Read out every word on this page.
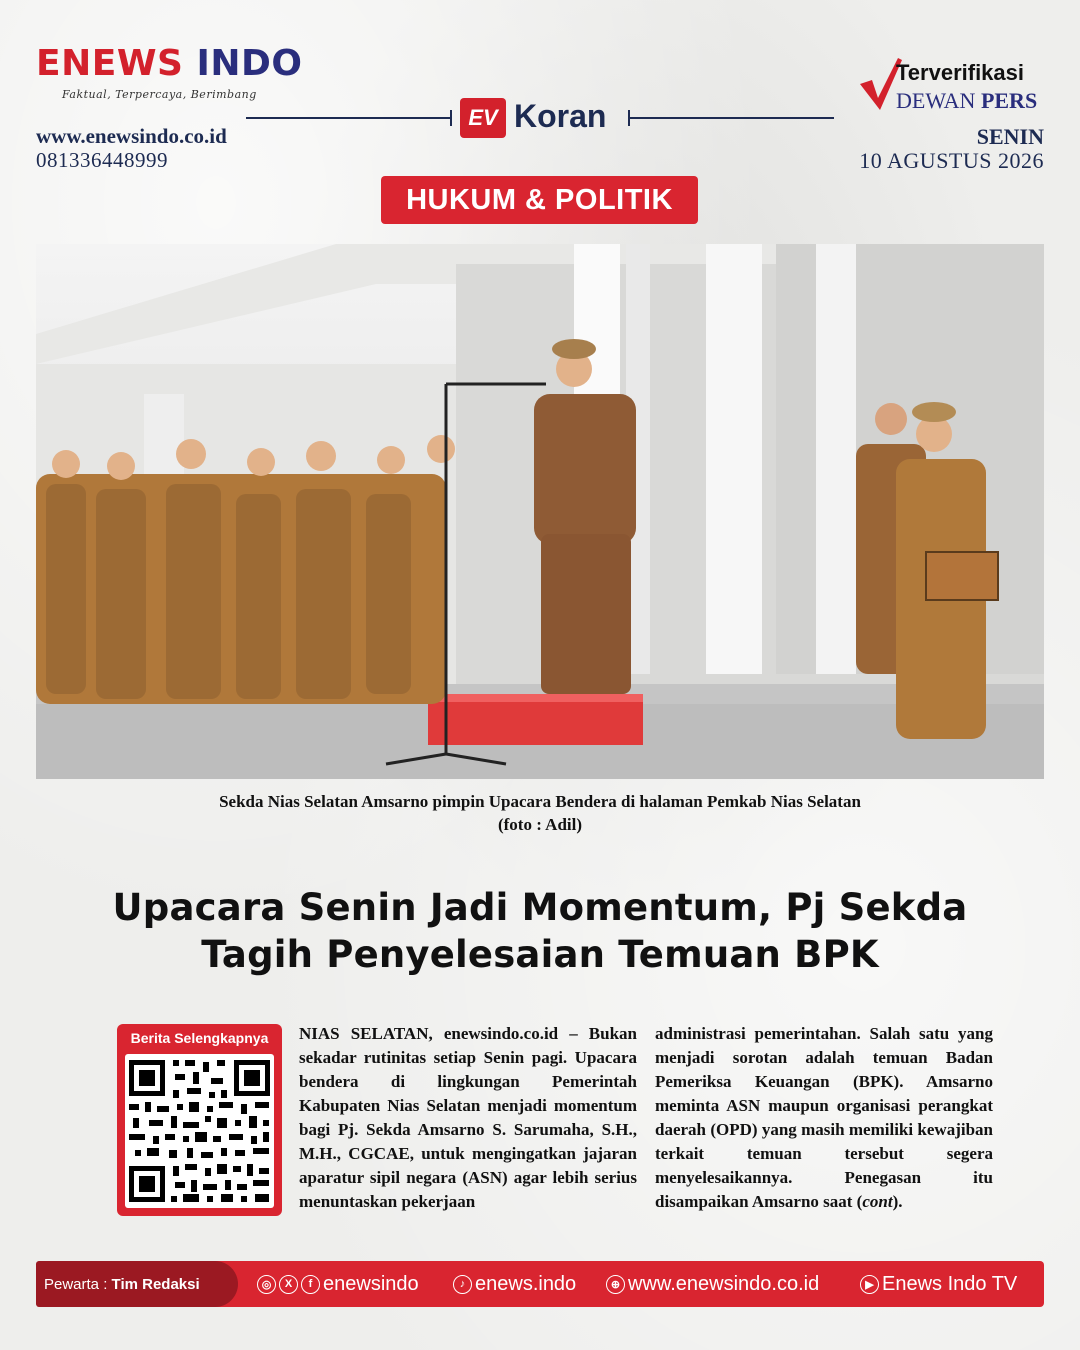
ENEWS INDO
Faktual, Terpercaya, Berimbang
www.enewsindo.co.id
081336448999
EV Koran
Terverifikasi
DEWAN PERS
SENIN
10 AGUSTUS 2026
HUKUM & POLITIK
Sekda Nias Selatan Amsarno pimpin Upacara Bendera di halaman Pemkab Nias Selatan
(foto : Adil)
Upacara Senin Jadi Momentum, Pj Sekda
Tagih Penyelesaian Temuan BPK
Berita Selengkapnya	NIAS SELATAN, enewsindo.co.id – Bukan sekadar rutinitas setiap Senin pagi. Upacara bendera di lingkungan Pemerintah Kabupaten Nias Selatan menjadi momentum bagi Pj. Sekda Amsarno S. Sarumaha, S.H., M.H., CGCAE, untuk mengingatkan jajaran aparatur sipil negara (ASN) agar lebih serius menuntaskan pekerjaan
administrasi pemerintahan. Salah satu yang menjadi sorotan adalah temuan Badan Pemeriksa Keuangan (BPK). Amsarno meminta ASN maupun organisasi perangkat daerah (OPD) yang masih memiliki kewajiban terkait temuan tersebut segera menyelesaikannya. Penegasan itu disampaikan Amsarno saat (cont).
Pewarta :
Tim Redaksi	◎	X	f enewsindo	♪ enews.indo	⊕ www.enewsindo.co.id	▶ Enews Indo TV
